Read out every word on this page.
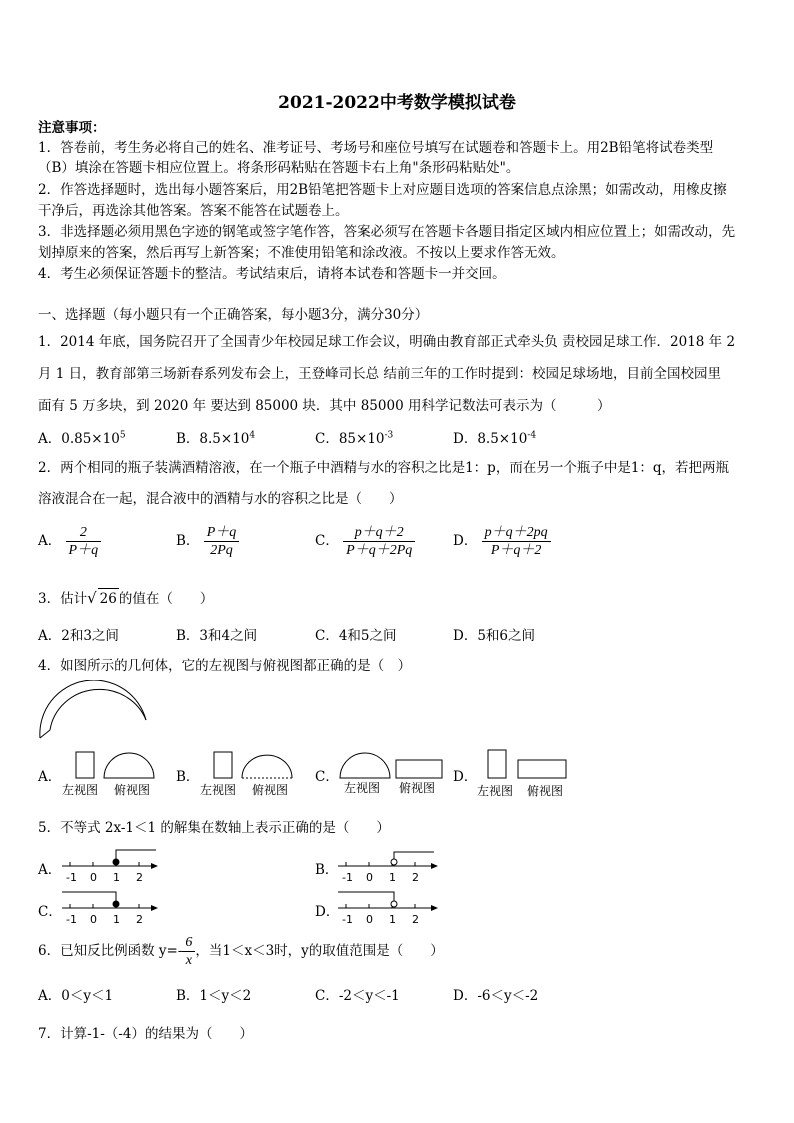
2021-2022中考数学模拟试卷
注意事项：
1．答卷前，考生务必将自己的姓名、准考证号、考场号和座位号填写在试题卷和答题卡上。用2B铅笔将试卷类型
（B）填涂在答题卡相应位置上。将条形码粘贴在答题卡右上角"条形码粘贴处"。
2．作答选择题时，选出每小题答案后，用2B铅笔把答题卡上对应题目选项的答案信息点涂黑；如需改动，用橡皮擦
干净后，再选涂其他答案。答案不能答在试题卷上。
3．非选择题必须用黑色字迹的钢笔或签字笔作答，答案必须写在答题卡各题目指定区域内相应位置上；如需改动，先
划掉原来的答案，然后再写上新答案；不准使用铅笔和涂改液。不按以上要求作答无效。
4．考生必须保证答题卡的整洁。考试结束后，请将本试卷和答题卡一并交回。
一、选择题（每小题只有一个正确答案，每小题3分，满分30分）
1．2014 年底，国务院召开了全国青少年校园足球工作会议，明确由教育部正式牵头负 责校园足球工作．2018 年 2
月 1 日，教育部第三场新春系列发布会上，王登峰司长总 结前三年的工作时提到：校园足球场地，目前全国校园里
面有 5 万多块，到 2020 年 要达到 85000 块．其中 85000 用科学记数法可表示为（　　　）
A．$0.85\times 10^5$	B．$8.5\times 10^4$	C．$85\times 10^{-3}$	D．$8.5\times 10^{-4}$
2．两个相同的瓶子装满酒精溶液，在一个瓶子中酒精与水的容积之比是1：p，而在另一个瓶子中是1：q，若把两瓶
溶液混合在一起，混合液中的酒精与水的容积之比是（　　）
A． $\frac{2}{P+q}$	B． $\frac{P+q}{2Pq}$	C． $\frac{p+q+2}{P+q+2Pq}$	D． $\frac{p+q+2pq}{P+q+2}$
3．估计√ 26 的值在（　　）
A．2和3之间	B．3和4之间	C．4和5之间	D．5和6之间
4．如图所示的几何体，它的左视图与俯视图都正确的是（　）
A．
左视图 俯视图
B．
左视图 俯视图
C．
左视图 俯视图
D．
左视图 俯视图
5．不等式 2x-1＜1 的解集在数轴上表示正确的是（　　）
A． -1 0 1 2	B． -1 0 1 2
C． -1 0 1 2	D． -1 0 1 2
6．已知反比例函数 $y=- \frac{6}{x}$ ，当1＜x＜3时，y的取值范围是（　　）
A．0＜y＜1	B．1＜y＜2	C．-2＜y＜-1	D．-6＜y＜-2
7．计算-1-（-4）的结果为（　　）
